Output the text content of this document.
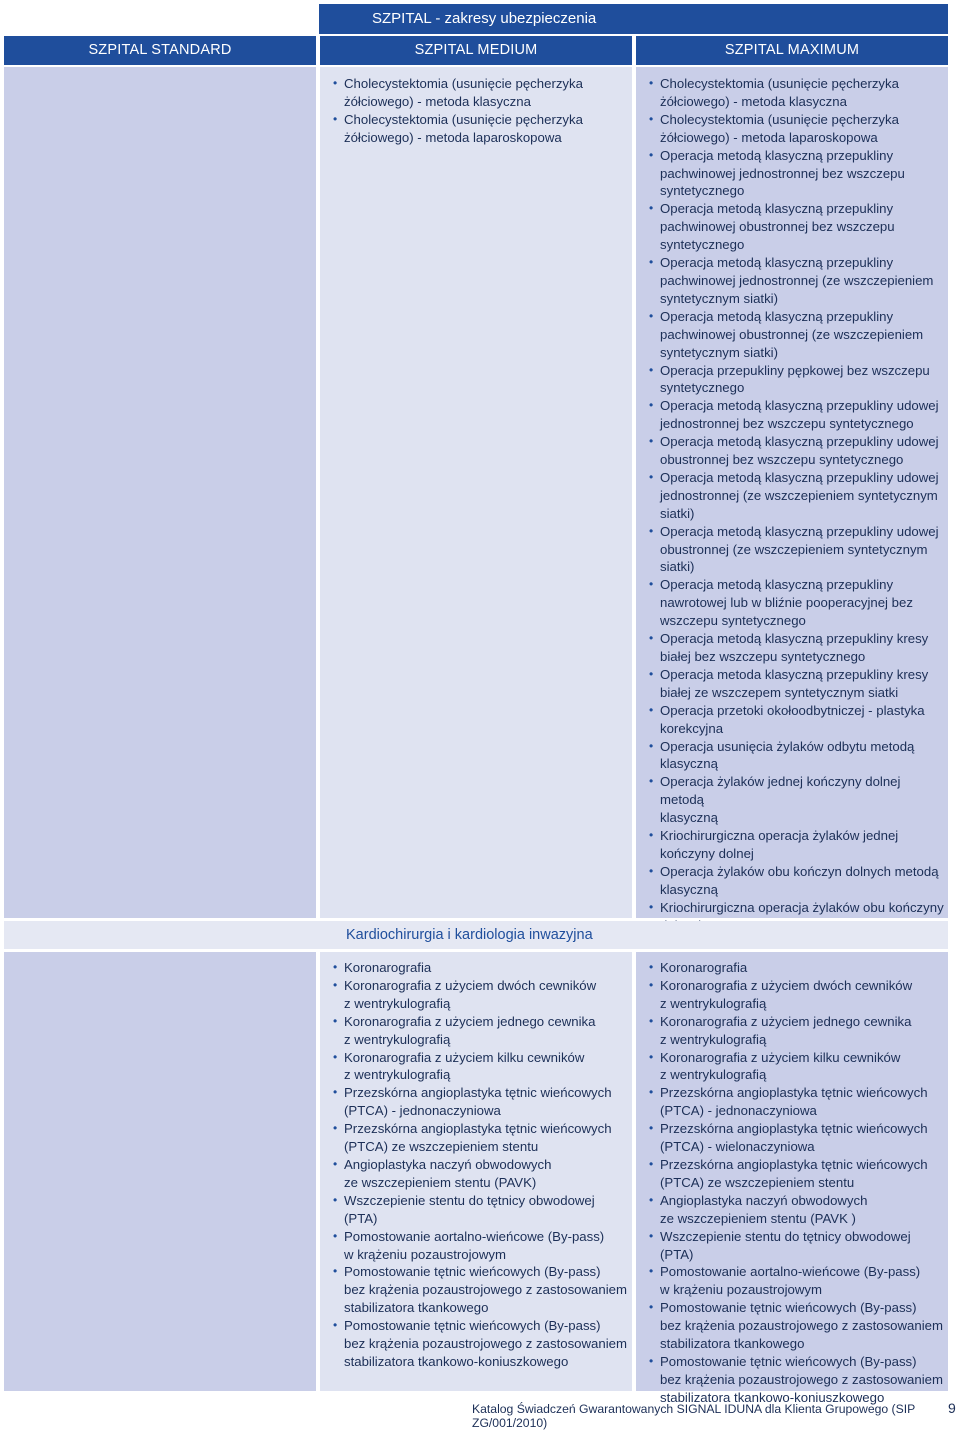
SZPITAL - zakresy ubezpieczenia
SZPITAL STANDARD	SZPITAL MEDIUM	SZPITAL MAXIMUM
• Cholecystektomia (usunięcie pęcherzyka
żółciowego) - metoda klasyczna
• Cholecystektomia (usunięcie pęcherzyka
żółciowego) - metoda laparoskopowa
• Cholecystektomia (usunięcie pęcherzyka
żółciowego) - metoda klasyczna
• Cholecystektomia (usunięcie pęcherzyka
żółciowego) - metoda laparoskopowa
• Operacja metodą klasyczną przepukliny
pachwinowej jednostronnej bez wszczepu
syntetycznego
• Operacja metodą klasyczną przepukliny
pachwinowej obustronnej bez wszczepu
syntetycznego
• Operacja metodą klasyczną przepukliny
pachwinowej jednostronnej (ze wszczepieniem
syntetycznym siatki)
• Operacja metodą klasyczną przepukliny
pachwinowej obustronnej (ze wszczepieniem
syntetycznym siatki)
• Operacja przepukliny pępkowej bez wszczepu
syntetycznego
• Operacja metodą klasyczną przepukliny udowej
jednostronnej bez wszczepu syntetycznego
• Operacja metodą klasyczną przepukliny udowej
obustronnej bez wszczepu syntetycznego
• Operacja metodą klasyczną przepukliny udowej
jednostronnej (ze wszczepieniem syntetycznym
siatki)
• Operacja metodą klasyczną przepukliny udowej
obustronnej (ze wszczepieniem syntetycznym
siatki)
• Operacja metodą klasyczną przepukliny
nawrotowej lub w bliźnie pooperacyjnej bez
wszczepu syntetycznego
• Operacja metodą klasyczną przepukliny kresy
białej bez wszczepu syntetycznego
• Operacja metoda klasyczną przepukliny kresy
białej ze wszczepem syntetycznym siatki
• Operacja przetoki okołoodbytniczej - plastyka
korekcyjna
• Operacja usunięcia żylaków odbytu metodą
klasyczną
• Operacja żylaków jednej kończyny dolnej metodą
klasyczną
• Kriochirurgiczna operacja żylaków jednej
kończyny dolnej
• Operacja żylaków obu kończyn dolnych metodą
klasyczną
• Kriochirurgiczna operacja żylaków obu kończyny

Kardiochirurgia i kardiologia inwazyjna
• Koronarografia
• Koronarografia z użyciem dwóch cewników
z wentrykulografią
• Koronarografia z użyciem jednego cewnika
z wentrykulografią
• Koronarografia z użyciem kilku cewników
z wentrykulografią
• Przezskórna angioplastyka tętnic wieńcowych
(PTCA) - jednonaczyniowa
• Przezskórna angioplastyka tętnic wieńcowych
(PTCA) ze wszczepieniem stentu
• Angioplastyka naczyń obwodowych
ze wszczepieniem stentu (PAVK)
• Wszczepienie stentu do tętnicy obwodowej (PTA)
• Pomostowanie aortalno-wieńcowe (By-pass)
w krążeniu pozaustrojowym
• Pomostowanie tętnic wieńcowych (By-pass)
bez krążenia pozaustrojowego z zastosowaniem
stabilizatora tkankowego
• Pomostowanie tętnic wieńcowych (By-pass)
bez krążenia pozaustrojowego z zastosowaniem
stabilizatora tkankowo-koniuszkowego
• Koronarografia
• Koronarografia z użyciem dwóch cewników
z wentrykulografią
• Koronarografia z użyciem jednego cewnika
z wentrykulografią
• Koronarografia z użyciem kilku cewników
z wentrykulografią
• Przezskórna angioplastyka tętnic wieńcowych
(PTCA) - jednonaczyniowa
• Przezskórna angioplastyka tętnic wieńcowych
(PTCA) - wielonaczyniowa
• Przezskórna angioplastyka tętnic wieńcowych
(PTCA) ze wszczepieniem stentu
• Angioplastyka naczyń obwodowych
ze wszczepieniem stentu (PAVK )
• Wszczepienie stentu do tętnicy obwodowej (PTA)
• Pomostowanie aortalno-wieńcowe (By-pass)
w krążeniu pozaustrojowym
• Pomostowanie tętnic wieńcowych (By-pass)
bez krążenia pozaustrojowego z zastosowaniem
stabilizatora tkankowego
• Pomostowanie tętnic wieńcowych (By-pass)
bez krążenia pozaustrojowego z zastosowaniem
stabilizatora tkankowo-koniuszkowego
Katalog Świadczeń Gwarantowanych SIGNAL IDUNA dla Klienta Grupowego (SIP ZG/001/2010)
9
